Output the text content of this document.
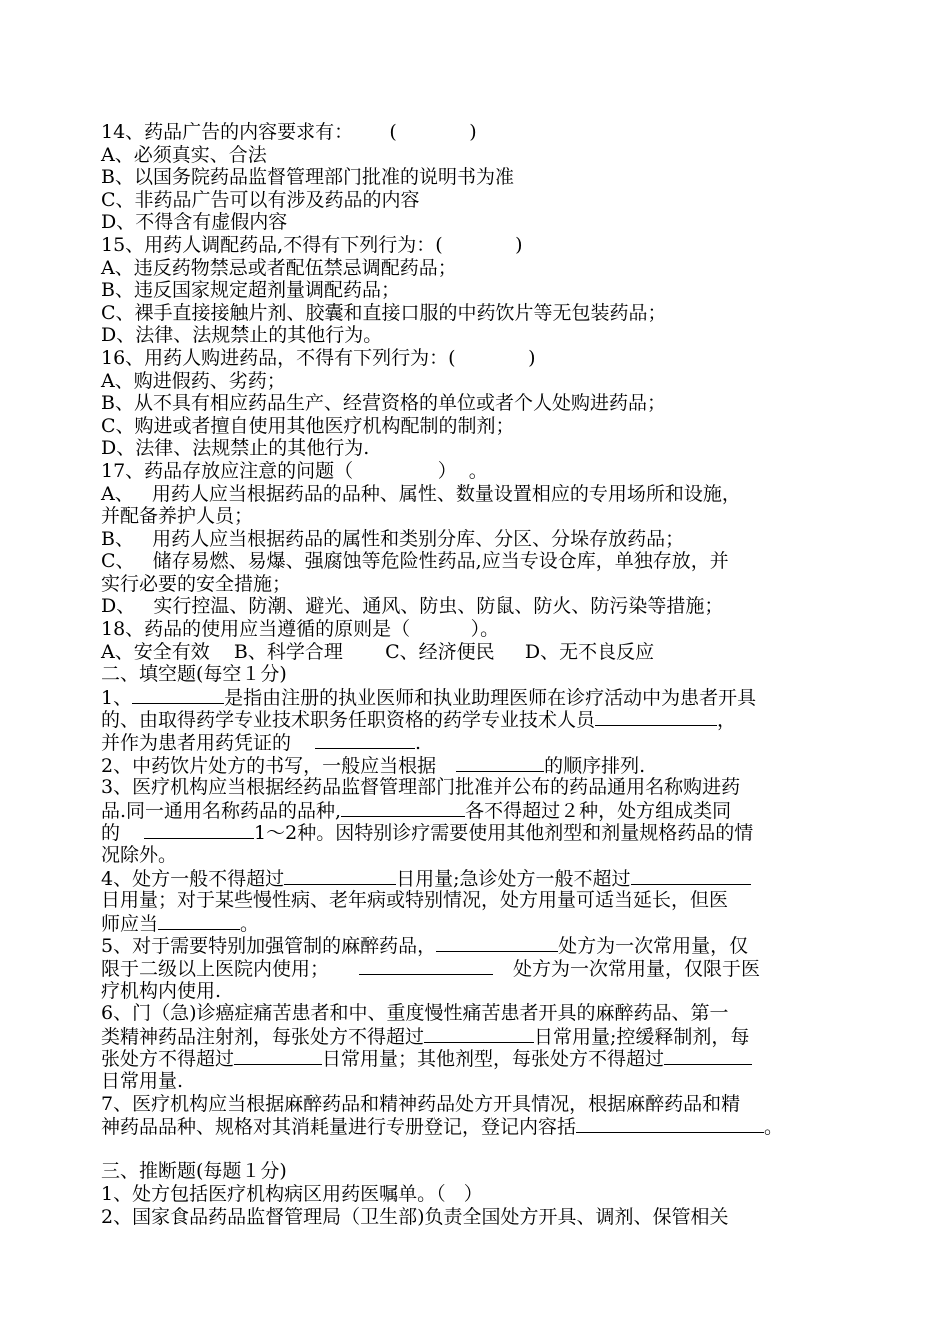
14、药品广告的内容要求有：      (            )
A、必须真实、合法
B、以国务院药品监督管理部门批准的说明书为准
C、非药品广告可以有涉及药品的内容
D、不得含有虚假内容
15、用药人调配药品,不得有下列行为：(            )
A、违反药物禁忌或者配伍禁忌调配药品；
B、违反国家规定超剂量调配药品；
C、裸手直接接触片剂、胶囊和直接口服的中药饮片等无包装药品；
D、法律、法规禁止的其他行为。
16、用药人购进药品，不得有下列行为：(            )
A、购进假药、劣药；
B、从不具有相应药品生产、经营资格的单位或者个人处购进药品；
C、购进或者擅自使用其他医疗机构配制的制剂；
D、法律、法规禁止的其他行为.
17、药品存放应注意的问题（              ）  。
A、   用药人应当根据药品的品种、属性、数量设置相应的专用场所和设施，
并配备养护人员；
B、   用药人应当根据药品的属性和类别分库、分区、分垛存放药品；
C、   储存易燃、易爆、强腐蚀等危险性药品,应当专设仓库，单独存放，并
实行必要的安全措施；
D、   实行控温、防潮、避光、通风、防虫、防鼠、防火、防污染等措施；
18、药品的使用应当遵循的原则是（          ）。
A、安全有效    B、科学合理       C、经济便民     D、无不良反应
二、填空题(每空１分)
1、	是指由注册的执业医师和执业助理医师在诊疗活动中为患者开具
的、由取得药学专业技术职务任职资格的药学专业技术人员	，
并作为患者用药凭证的	.
2、中药饮片处方的书写，一般应当根据	的顺序排列.
3、医疗机构应当根据经药品监督管理部门批准并公布的药品通用名称购进药
品.同一通用名称药品的品种,	各不得超过２种，处方组成类同
的	1～2种。因特别诊疗需要使用其他剂型和剂量规格药品的情
况除外。
4、处方一般不得超过	日用量;急诊处方一般不超过
日用量；对于某些慢性病、老年病或特别情况，处方用量可适当延长，但医
师应当	。
5、对于需要特别加强管制的麻醉药品，	处方为一次常用量，仅
限于二级以上医院内使用；	处方为一次常用量，仅限于医
疗机构内使用.
6、门（急)诊癌症痛苦患者和中、重度慢性痛苦患者开具的麻醉药品、第一
类精神药品注射剂，每张处方不得超过	日常用量;控缓释制剂，每
张处方不得超过	日常用量；其他剂型，每张处方不得超过
日常用量.
7、医疗机构应当根据麻醉药品和精神药品处方开具情况，根据麻醉药品和精
神药品品种、规格对其消耗量进行专册登记，登记内容括	。
三、推断题(每题１分)
1、处方包括医疗机构病区用药医嘱单。（   ）
2、国家食品药品监督管理局（卫生部)负责全国处方开具、调剂、保管相关
